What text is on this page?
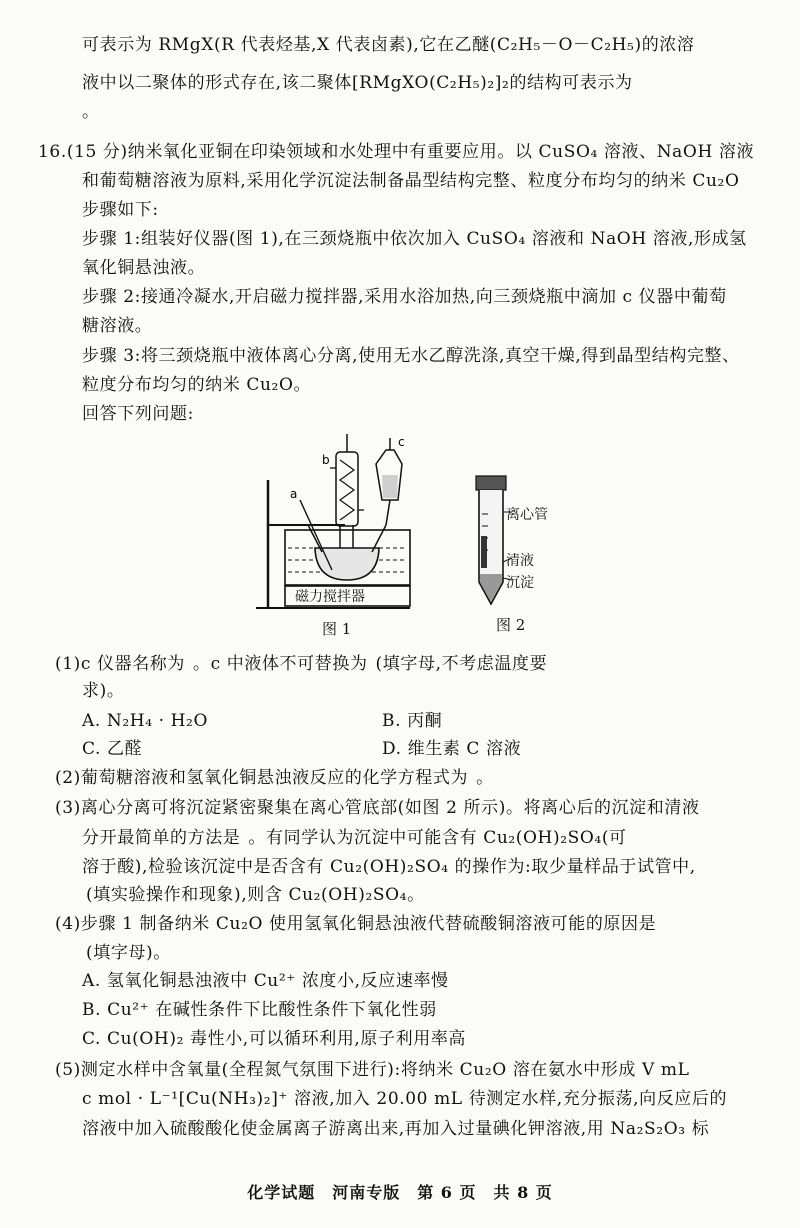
可表示为 RMgX(R 代表烃基,X 代表卤素),它在乙醚(C₂H₅－O－C₂H₅)的浓溶
液中以二聚体的形式存在,该二聚体[RMgXO(C₂H₅)₂]₂的结构可表示为
。
16.(15 分)纳米氧化亚铜在印染领域和水处理中有重要应用。以 CuSO₄ 溶液、NaOH 溶液
和葡萄糖溶液为原料,采用化学沉淀法制备晶型结构完整、粒度分布均匀的纳米 Cu₂O
步骤如下:
步骤 1:组装好仪器(图 1),在三颈烧瓶中依次加入 CuSO₄ 溶液和 NaOH 溶液,形成氢
氧化铜悬浊液。
步骤 2:接通冷凝水,开启磁力搅拌器,采用水浴加热,向三颈烧瓶中滴加 c 仪器中葡萄
糖溶液。
步骤 3:将三颈烧瓶中液体离心分离,使用无水乙醇洗涤,真空干燥,得到晶型结构完整、
粒度分布均匀的纳米 Cu₂O。
回答下列问题:
a
b
c
磁力搅拌器
图 1
离心管
清液
沉淀
图 2
(1)c 仪器名称为 。c 中液体不可替换为 (填字母,不考虑温度要
求)。
A. N₂H₄ · H₂O	B. 丙酮
C. 乙醛	D. 维生素 C 溶液
(2)葡萄糖溶液和氢氧化铜悬浊液反应的化学方程式为 。
(3)离心分离可将沉淀紧密聚集在离心管底部(如图 2 所示)。将离心后的沉淀和清液
分开最简单的方法是 。有同学认为沉淀中可能含有 Cu₂(OH)₂SO₄(可
溶于酸),检验该沉淀中是否含有 Cu₂(OH)₂SO₄ 的操作为:取少量样品于试管中,
(填实验操作和现象),则含 Cu₂(OH)₂SO₄。
(4)步骤 1 制备纳米 Cu₂O 使用氢氧化铜悬浊液代替硫酸铜溶液可能的原因是
(填字母)。
A. 氢氧化铜悬浊液中 Cu²⁺ 浓度小,反应速率慢
B. Cu²⁺ 在碱性条件下比酸性条件下氧化性弱
C. Cu(OH)₂ 毒性小,可以循环利用,原子利用率高
(5)测定水样中含氧量(全程氮气氛围下进行):将纳米 Cu₂O 溶在氨水中形成 V mL
c mol · L⁻¹[Cu(NH₃)₂]⁺ 溶液,加入 20.00 mL 待测定水样,充分振荡,向反应后的
溶液中加入硫酸酸化使金属离子游离出来,再加入过量碘化钾溶液,用 Na₂S₂O₃ 标
化学试题　河南专版　第 6 页　共 8 页
